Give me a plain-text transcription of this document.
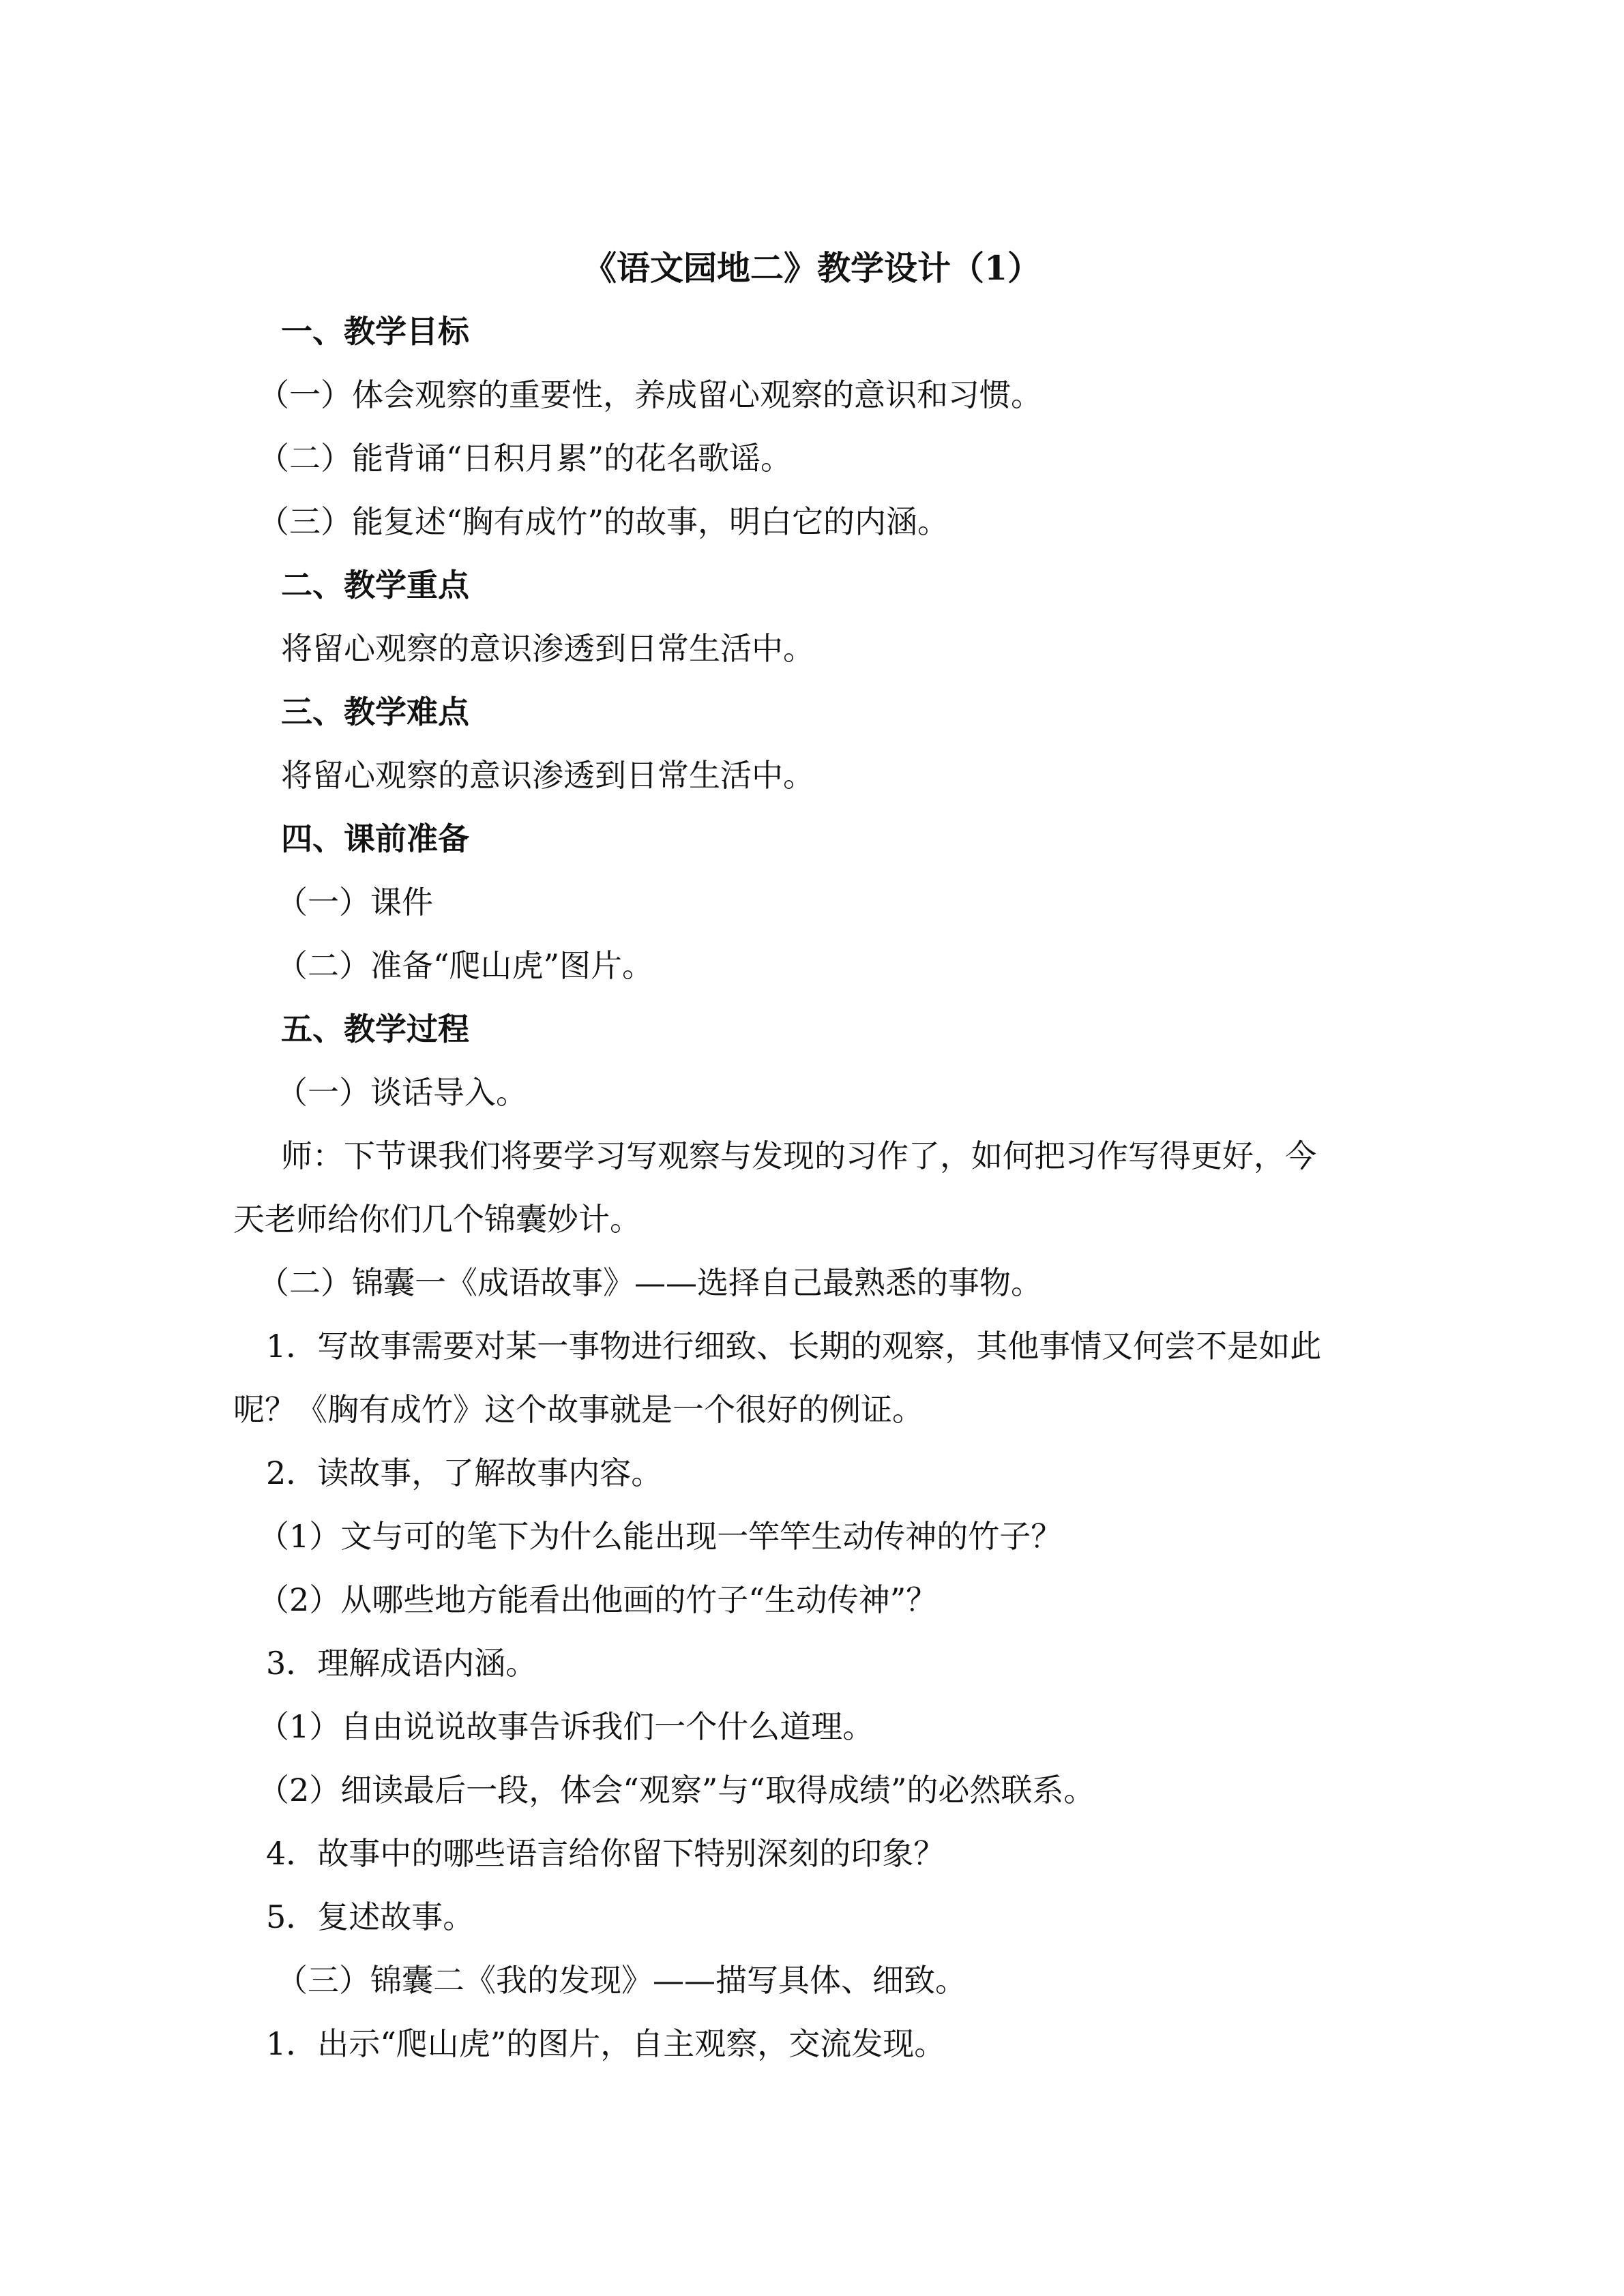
《语文园地二》教学设计（1）
一、教学目标
（一）体会观察的重要性，养成留心观察的意识和习惯。
（二）能背诵“日积月累”的花名歌谣。
（三）能复述“胸有成竹”的故事，明白它的内涵。
二、教学重点
将留心观察的意识渗透到日常生活中。
三、教学难点
将留心观察的意识渗透到日常生活中。
四、课前准备
（一）课件
（二）准备“爬山虎”图片。
五、教学过程
（一）谈话导入。
师：下节课我们将要学习写观察与发现的习作了，如何把习作写得更好，今
天老师给你们几个锦囊妙计。
（二）锦囊一《成语故事》——选择自己最熟悉的事物。
1．写故事需要对某一事物进行细致、长期的观察，其他事情又何尝不是如此
呢？《胸有成竹》这个故事就是一个很好的例证。
2．读故事，了解故事内容。
（1）文与可的笔下为什么能出现一竿竿生动传神的竹子？
（2）从哪些地方能看出他画的竹子“生动传神”？
3．理解成语内涵。
（1）自由说说故事告诉我们一个什么道理。
（2）细读最后一段，体会“观察”与“取得成绩”的必然联系。
4．故事中的哪些语言给你留下特别深刻的印象？
5．复述故事。
（三）锦囊二《我的发现》——描写具体、细致。
1．出示“爬山虎”的图片，自主观察，交流发现。
